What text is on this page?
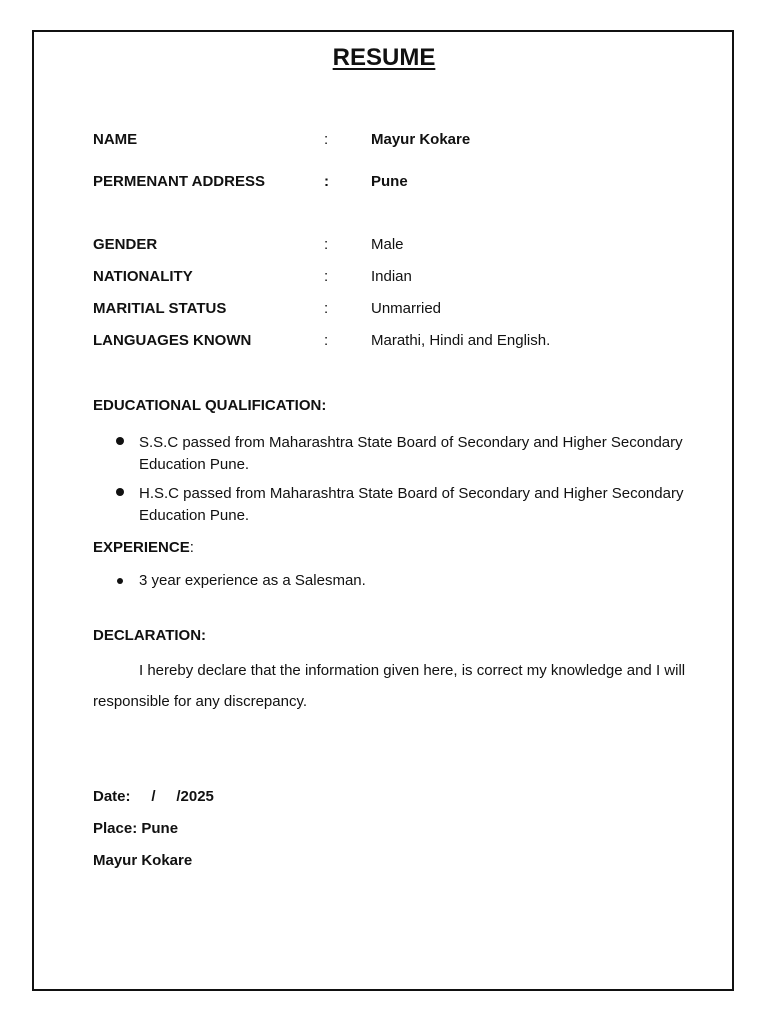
RESUME
NAME	:	Mayur Kokare
PERMENANT ADDRESS	:	Pune
GENDER	:	Male
NATIONALITY	:	Indian
MARITIAL STATUS	:	Unmarried
LANGUAGES KNOWN	:	Marathi, Hindi and English.
EDUCATIONAL QUALIFICATION:
S.S.C passed from Maharashtra State Board of Secondary and Higher Secondary Education Pune.
H.S.C passed from Maharashtra State Board of Secondary and Higher Secondary Education Pune.
EXPERIENCE:
3 year experience as a Salesman.
DECLARATION:
I hereby declare that the information given here, is correct my knowledge and I will responsible for any discrepancy.
Date:     /     /2025
Place: Pune
Mayur Kokare
